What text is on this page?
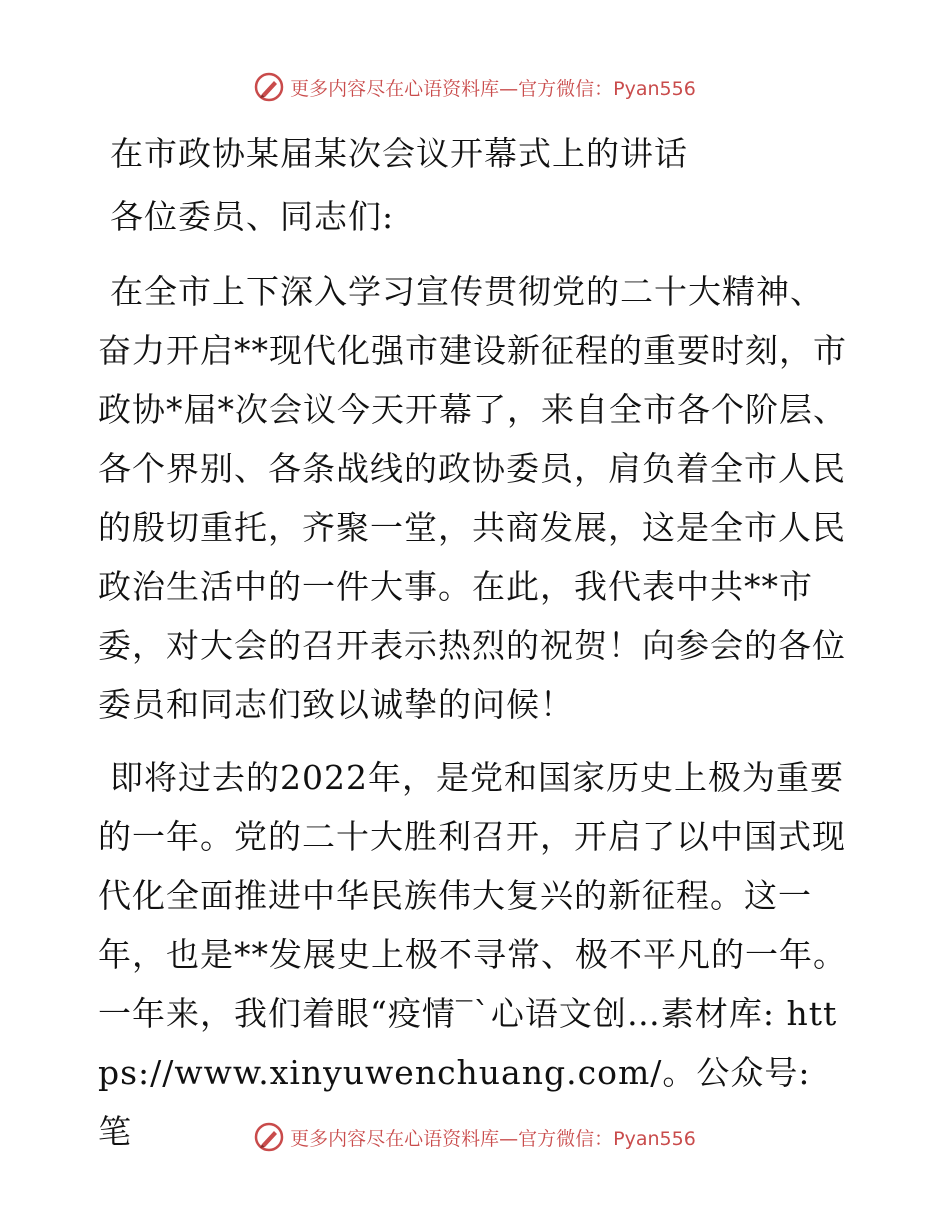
更多内容尽在心语资料库—官方微信：Pyan556

在市政协某届某次会议开幕式上的讲话

各位委员、同志们:

在全市上下深入学习宣传贯彻党的二十大精神、奋力开启**现代化强市建设新征程的重要时刻，市政协*届*次会议今天开幕了，来自全市各个阶层、各个界别、各条战线的政协委员，肩负着全市人民的殷切重托，齐聚一堂，共商发展，这是全市人民政治生活中的一件大事。在此，我代表中共**市委，对大会的召开表示热烈的祝贺！向参会的各位委员和同志们致以诚挚的问候！

即将过去的2022年，是党和国家历史上极为重要的一年。党的二十大胜利召开，开启了以中国式现代化全面推进中华民族伟大复兴的新征程。这一年，也是**发展史上极不寻常、极不平凡的一年。一年来，我们着眼“疫情‾`心语文创…素材库: https://www.xinyuwenchuang.com/。公众号: 笔	更多内容尽在心语资料库—官方微信：Pyan556
